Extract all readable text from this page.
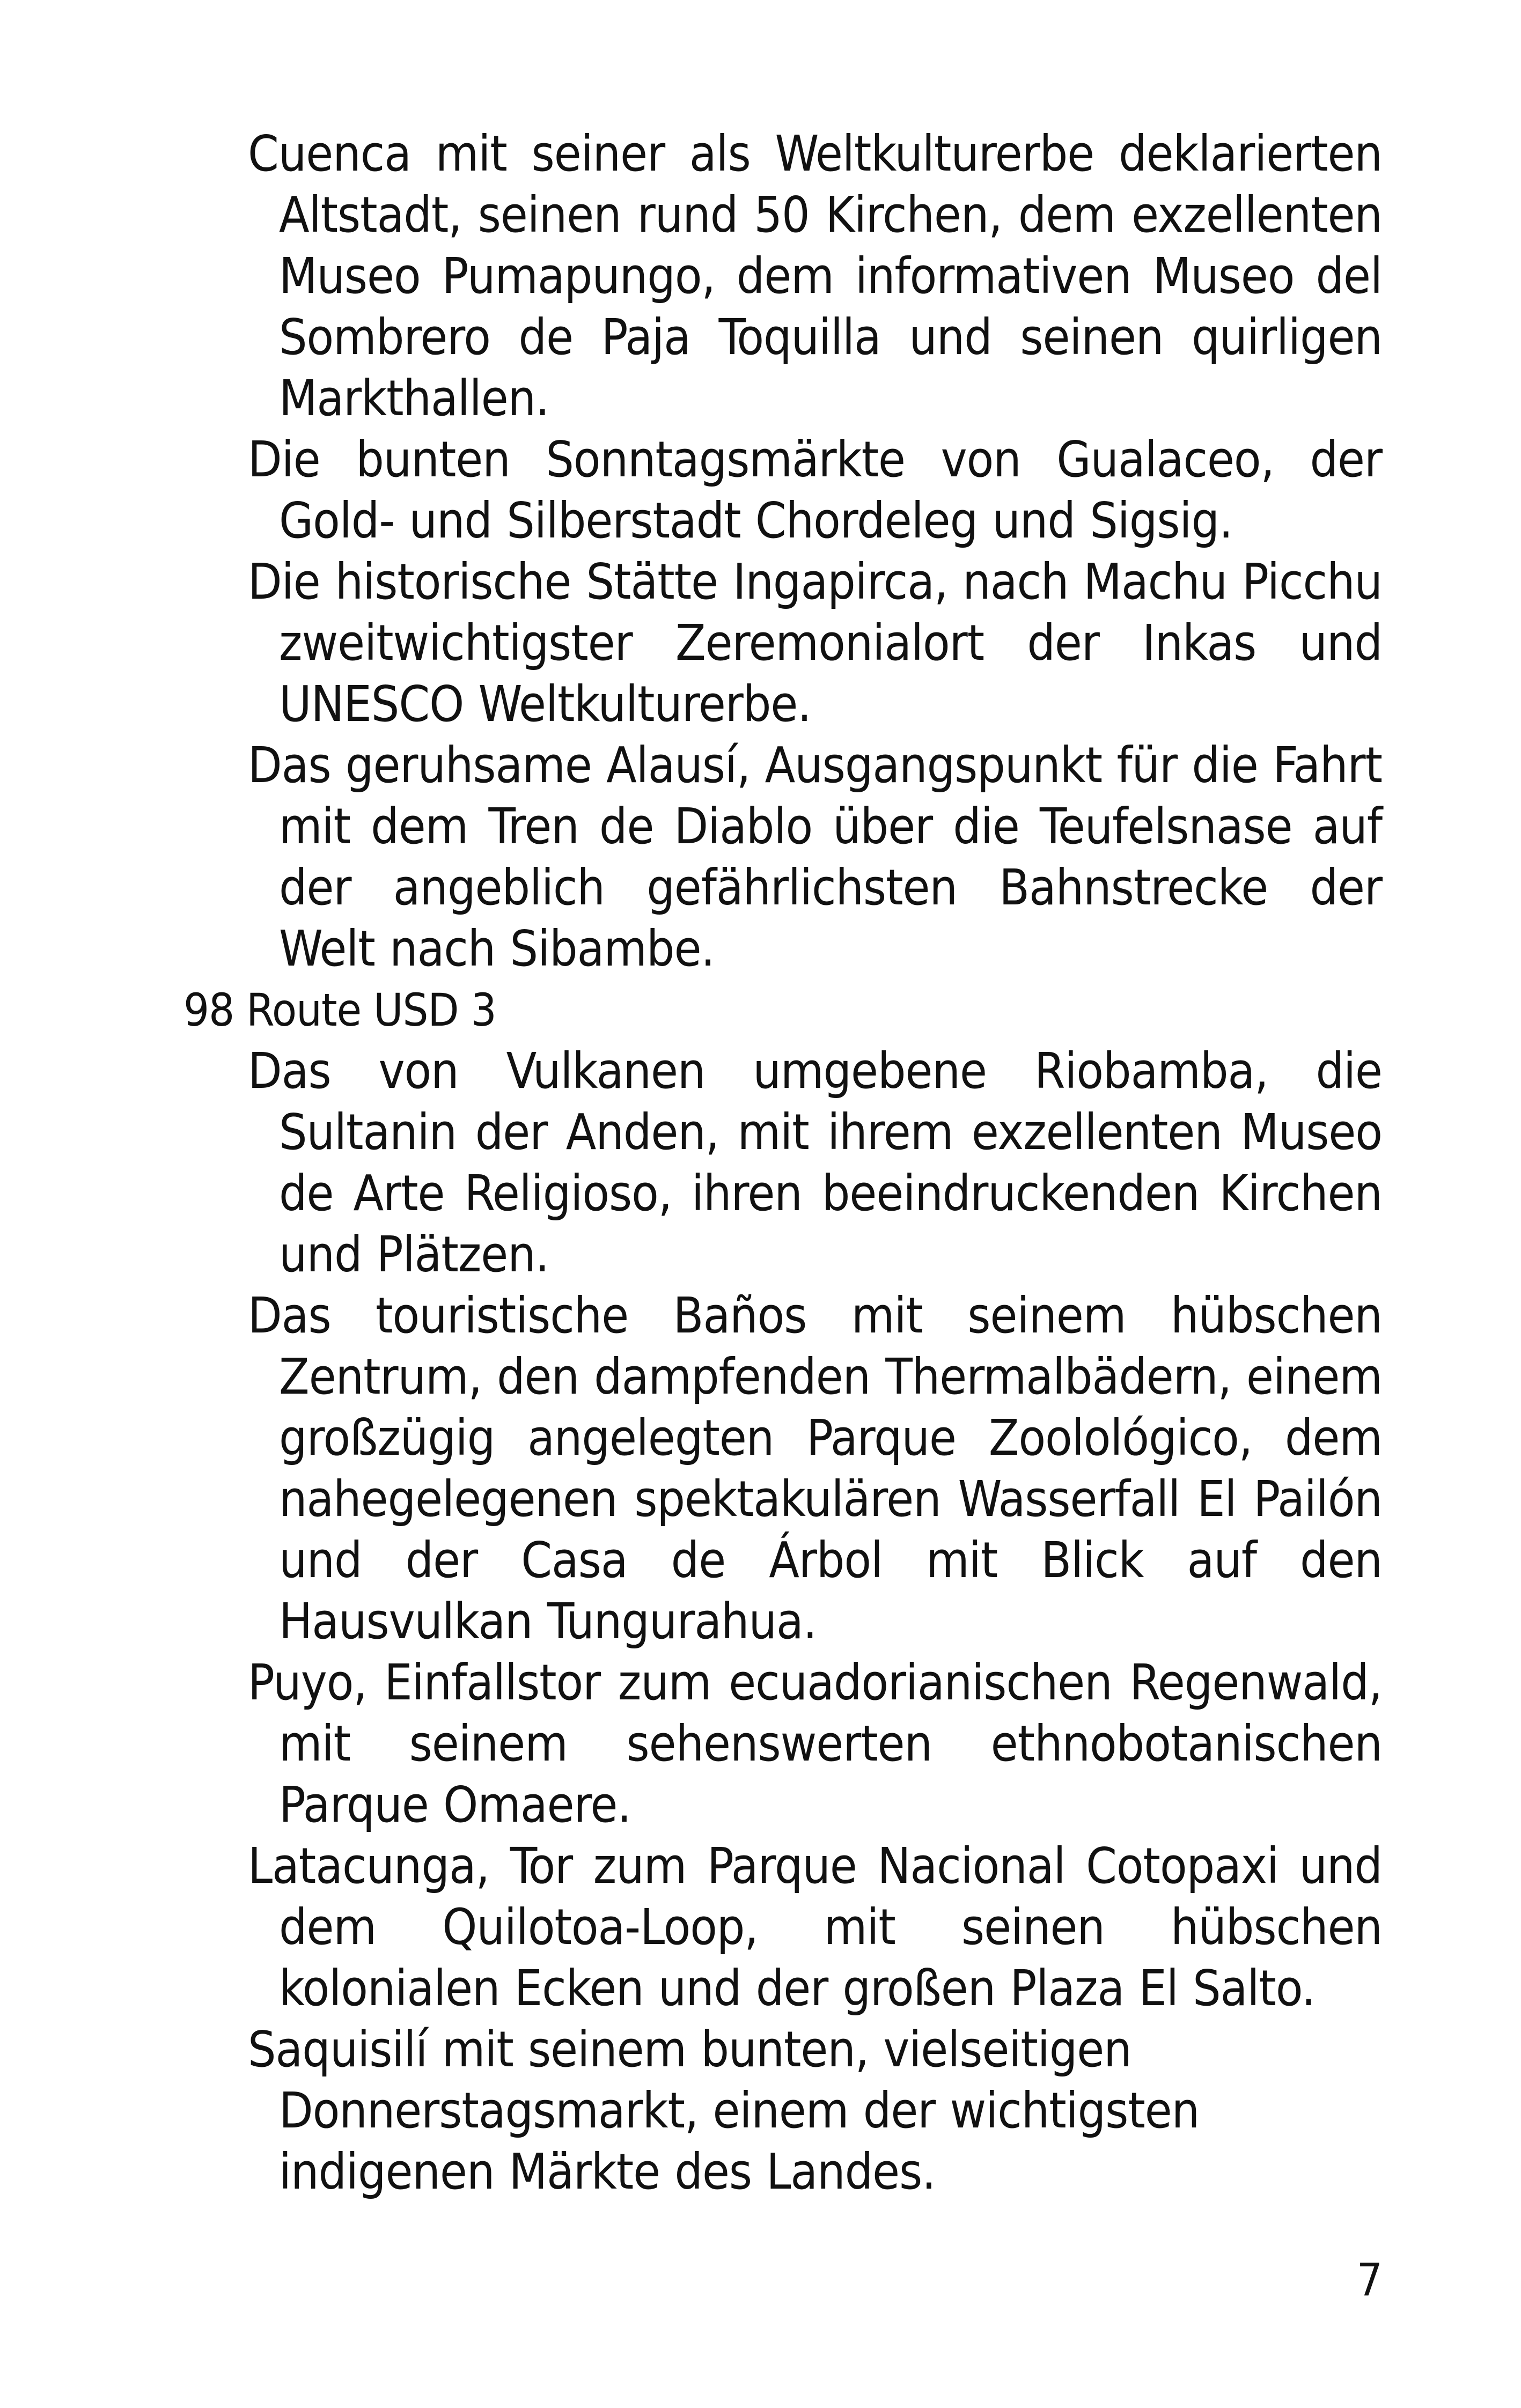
Cuenca mit seiner als Weltkulturerbe deklarierten Altstadt, seinen rund 50 Kirchen, dem exzellenten Museo Pumapungo, dem informativen Museo del Sombrero de Paja Toquilla und seinen quirligen Markthallen.

Die bunten Sonntagsmärkte von Gualaceo, der Gold- und Silberstadt Chordeleg und Sigsig.

Die historische Stätte Ingapirca, nach Machu Picchu zweitwichtigster Zeremonialort der Inkas und UNESCO Weltkulturerbe.

Das geruhsame Alausí, Ausgangspunkt für die Fahrt mit dem Tren de Diablo über die Teufelsnase auf der angeblich gefährlichsten Bahnstrecke der Welt nach Sibambe.

98 Route USD 3

Das von Vulkanen umgebene Riobamba, die Sultanin der Anden, mit ihrem exzellenten Museo de Arte Religioso, ihren beeindruckenden Kirchen und Plätzen.

Das touristische Baños mit seinem hübschen Zentrum, den dampfenden Thermalbädern, einem großzügig angelegten Parque Zoolológico, dem nahegelegenen spektakulären Wasserfall El Pailón und der Casa de Árbol mit Blick auf den Hausvulkan Tungurahua.

Puyo, Einfallstor zum ecuadorianischen Regenwald, mit seinem sehenswerten ethnobotanischen Parque Omaere.

Latacunga, Tor zum Parque Nacional Cotopaxi und dem Quilotoa-Loop, mit seinen hübschen kolonialen Ecken und der großen Plaza El Salto.

Saquisilí mit seinem bunten, vielseitigen Donnerstagsmarkt, einem der wichtigsten indigenen Märkte des Landes.

7
